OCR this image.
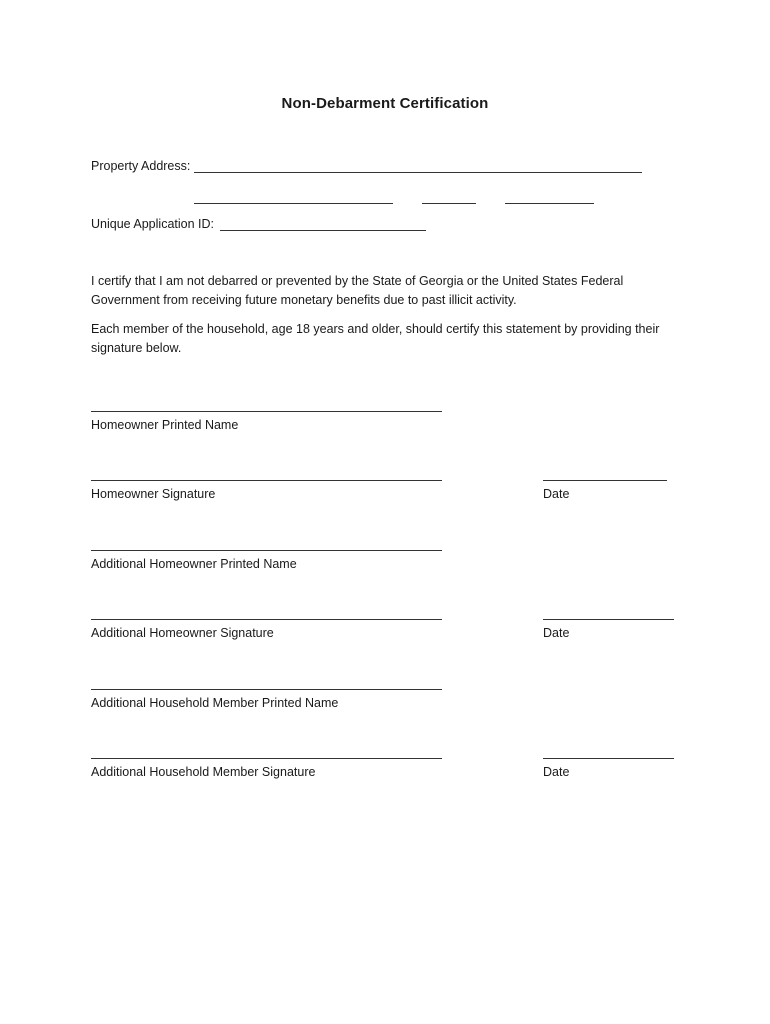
Non-Debarment Certification
Property Address:
Unique Application ID:

I certify that I am not debarred or prevented by the State of Georgia or the United States Federal Government from receiving future monetary benefits due to past illicit activity.

Each member of the household, age 18 years and older, should certify this statement by providing their signature below.

Homeowner Printed Name
Homeowner Signature	Date
Additional Homeowner Printed Name
Additional Homeowner Signature	Date
Additional Household Member Printed Name
Additional Household Member Signature	Date
